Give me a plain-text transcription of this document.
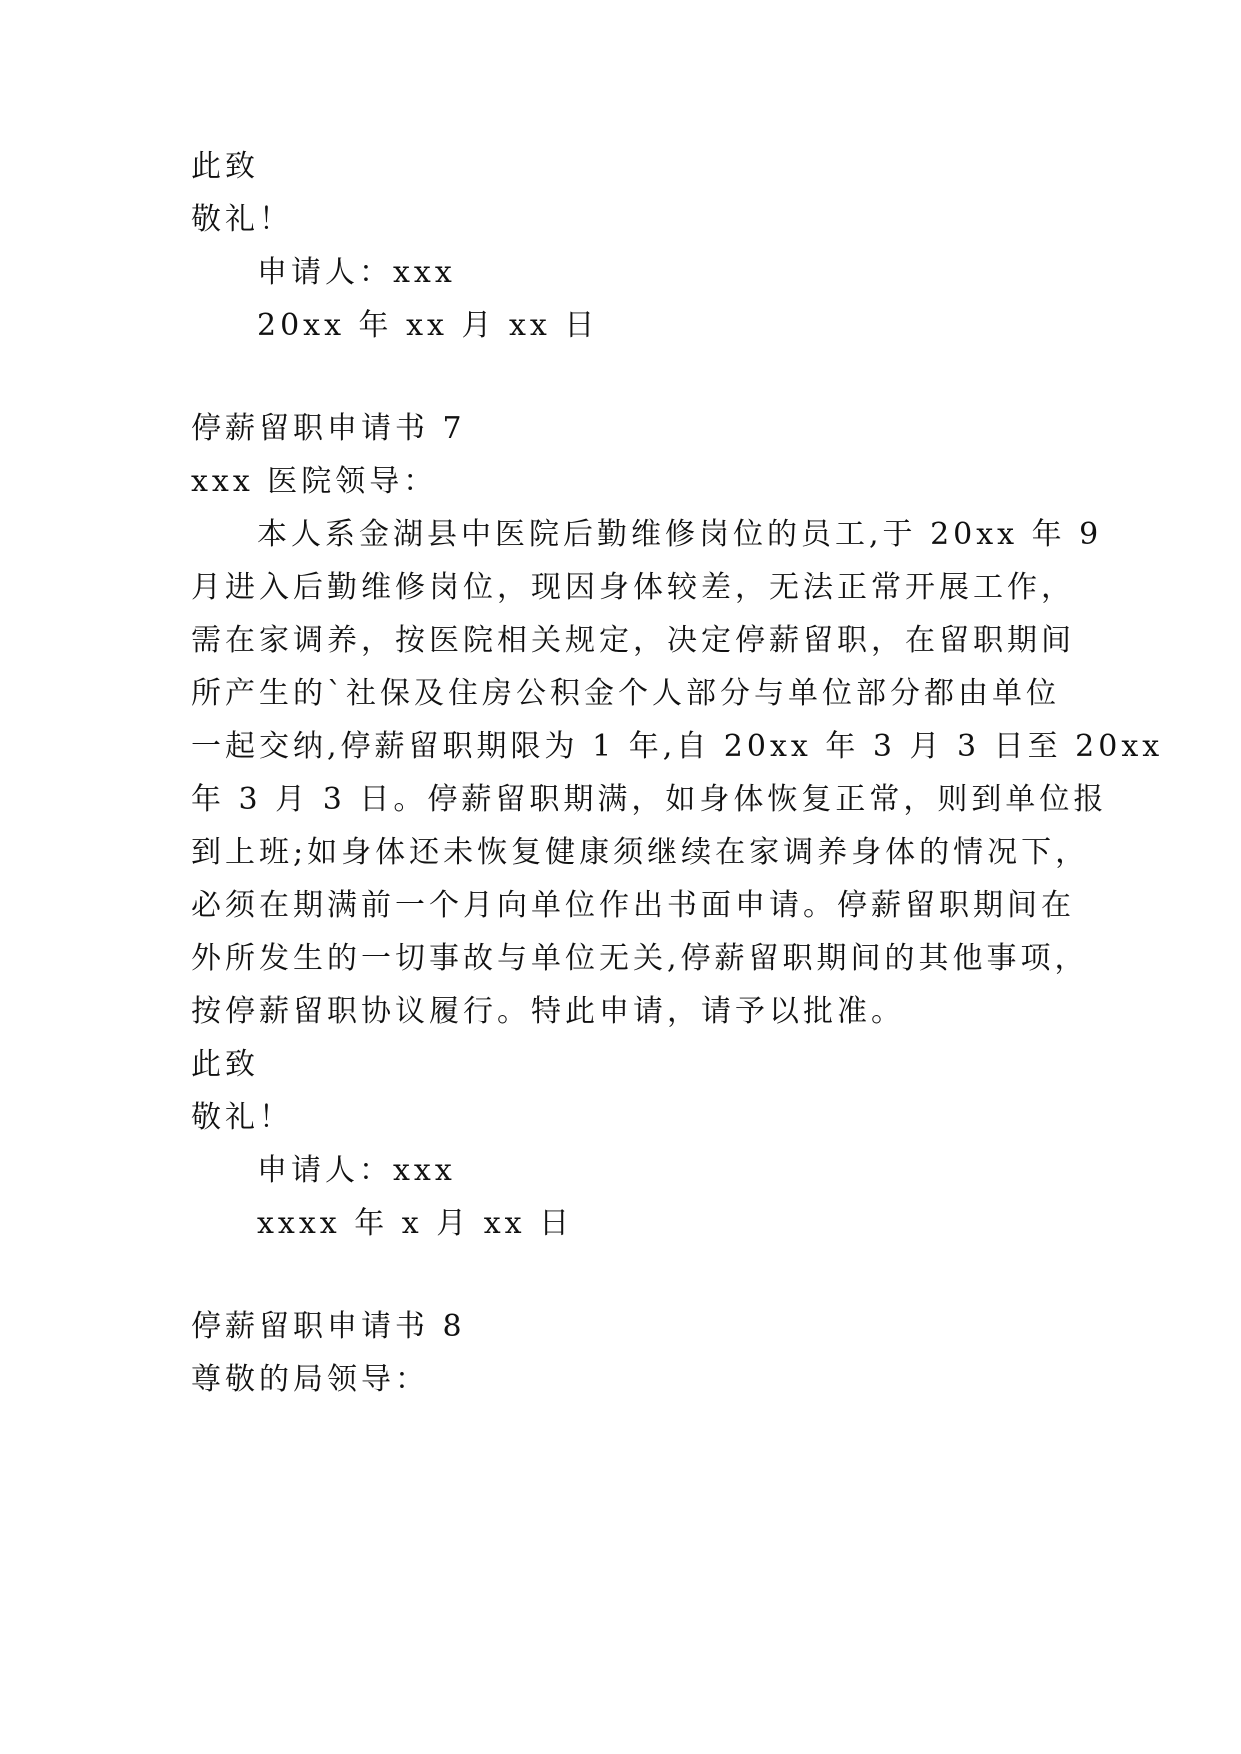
此致
敬礼！
申请人：xxx
20xx 年 xx 月 xx 日
停薪留职申请书 7
xxx 医院领导：
本人系金湖县中医院后勤维修岗位的员工,于 20xx 年 9
月进入后勤维修岗位，现因身体较差，无法正常开展工作，
需在家调养，按医院相关规定，决定停薪留职，在留职期间
所产生的`社保及住房公积金个人部分与单位部分都由单位
一起交纳,停薪留职期限为 1 年,自 20xx 年 3 月 3 日至 20xx
年 3 月 3 日。停薪留职期满，如身体恢复正常，则到单位报
到上班;如身体还未恢复健康须继续在家调养身体的情况下，
必须在期满前一个月向单位作出书面申请。停薪留职期间在
外所发生的一切事故与单位无关,停薪留职期间的其他事项，
按停薪留职协议履行。特此申请，请予以批准。
此致
敬礼！
申请人：xxx
xxxx 年 x 月 xx 日
停薪留职申请书 8
尊敬的局领导：
